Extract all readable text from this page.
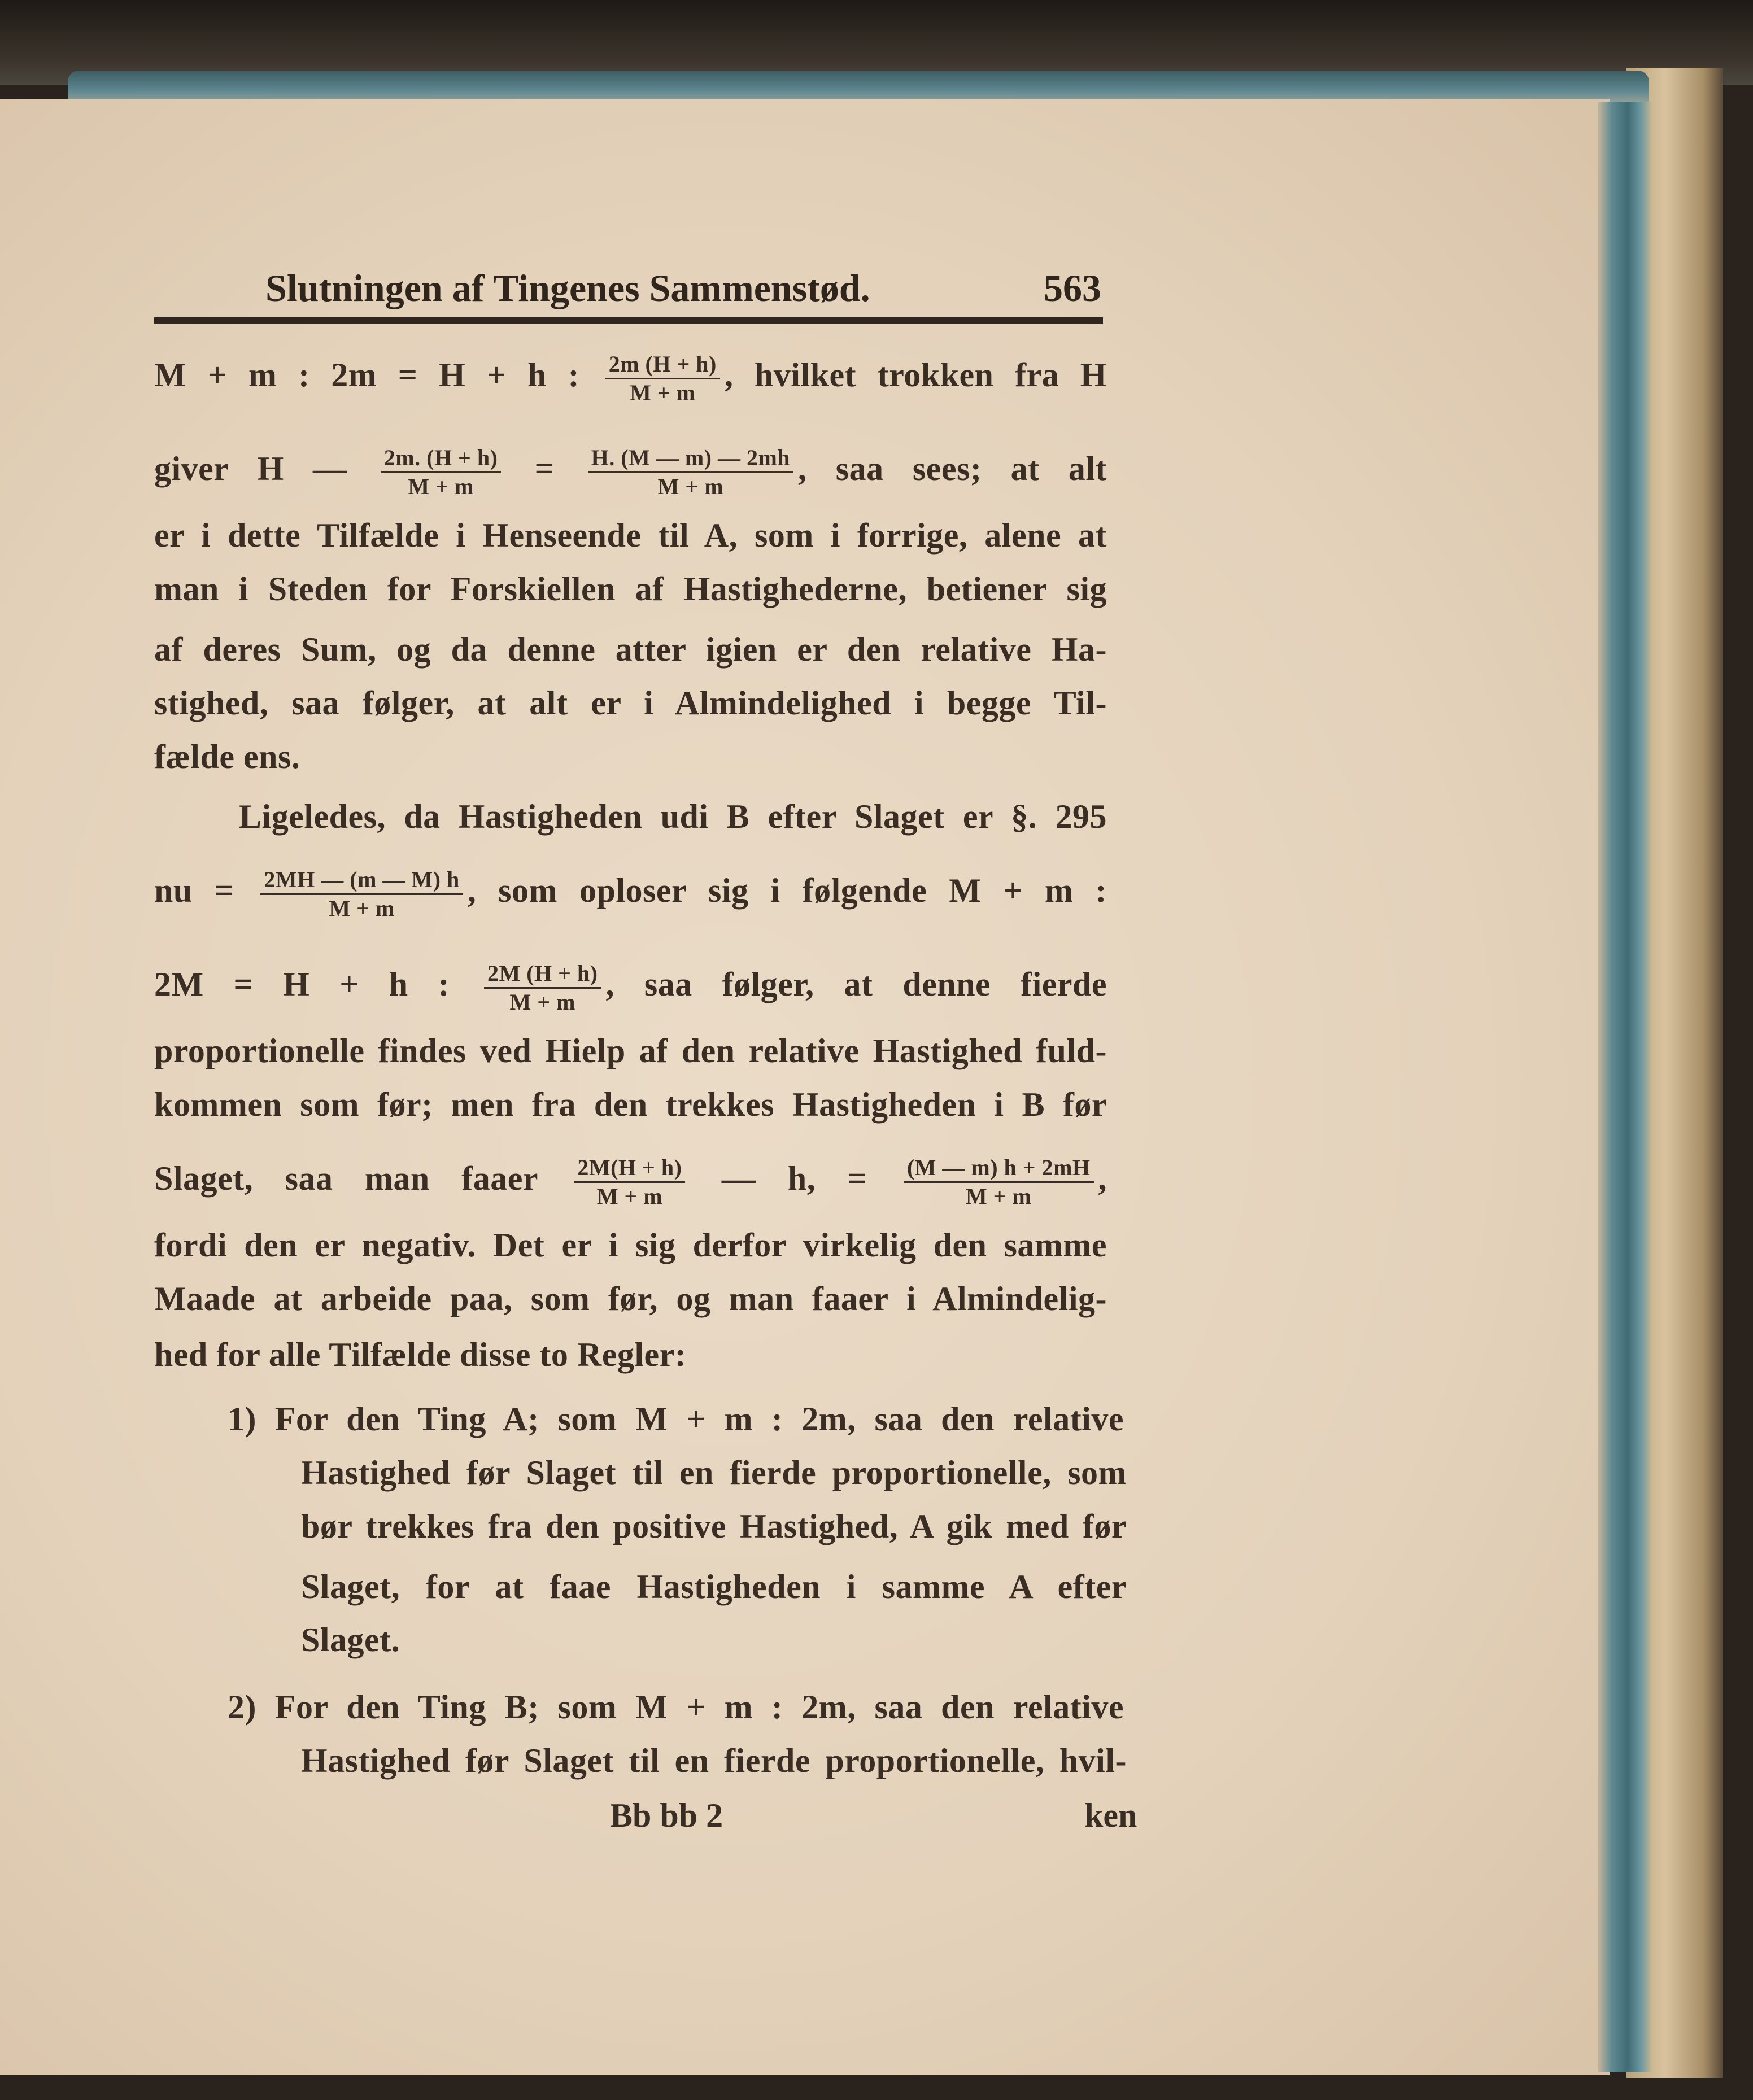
Slutningen af Tingenes Sammenstød.	563
M + m : 2m = H + h : $\frac{2m (H + h)}{M + m}$ , hvilket trokken fra H
giver H — $\frac{2m. (H + h)}{M + m} = \frac{H. (M — m) — 2mh}{M + m}$ , saa sees; at alt
er i dette Tilfælde i Henseende til A, som i forrige, alene at
man i Steden for Forskiellen af Hastighederne, betiener sig
af deres Sum, og da denne atter igien er den relative Ha-
stighed, saa følger, at alt er i Almindelighed i begge Til-
fælde ens.
Ligeledes, da Hastigheden udi B efter Slaget er §. 295
nu = $\frac{2MH — (m — M) h}{M + m}$ , som oploser sig i følgende M + m :
2M = H + h : $\frac{2M (H + h)}{M + m}$ , saa følger, at denne fierde
proportionelle findes ved Hielp af den relative Hastighed fuld-
kommen som før; men fra den trekkes Hastigheden i B før
Slaget, saa man faaer $\frac{2M(H + h)}{M + m}$ — h, = $\frac{(M — m) h + 2mH}{M + m}$ ,
fordi den er negativ. Det er i sig derfor virkelig den samme
Maade at arbeide paa, som før, og man faaer i Almindelig-
hed for alle Tilfælde disse to Regler:
1) For den Ting A; som M + m : 2m, saa den relative
Hastighed før Slaget til en fierde proportionelle, som
bør trekkes fra den positive Hastighed, A gik med før
Slaget, for at faae Hastigheden i samme A efter
Slaget.
2) For den Ting B; som M + m : 2m, saa den relative
Hastighed før Slaget til en fierde proportionelle, hvil-
Bb bb 2	ken
